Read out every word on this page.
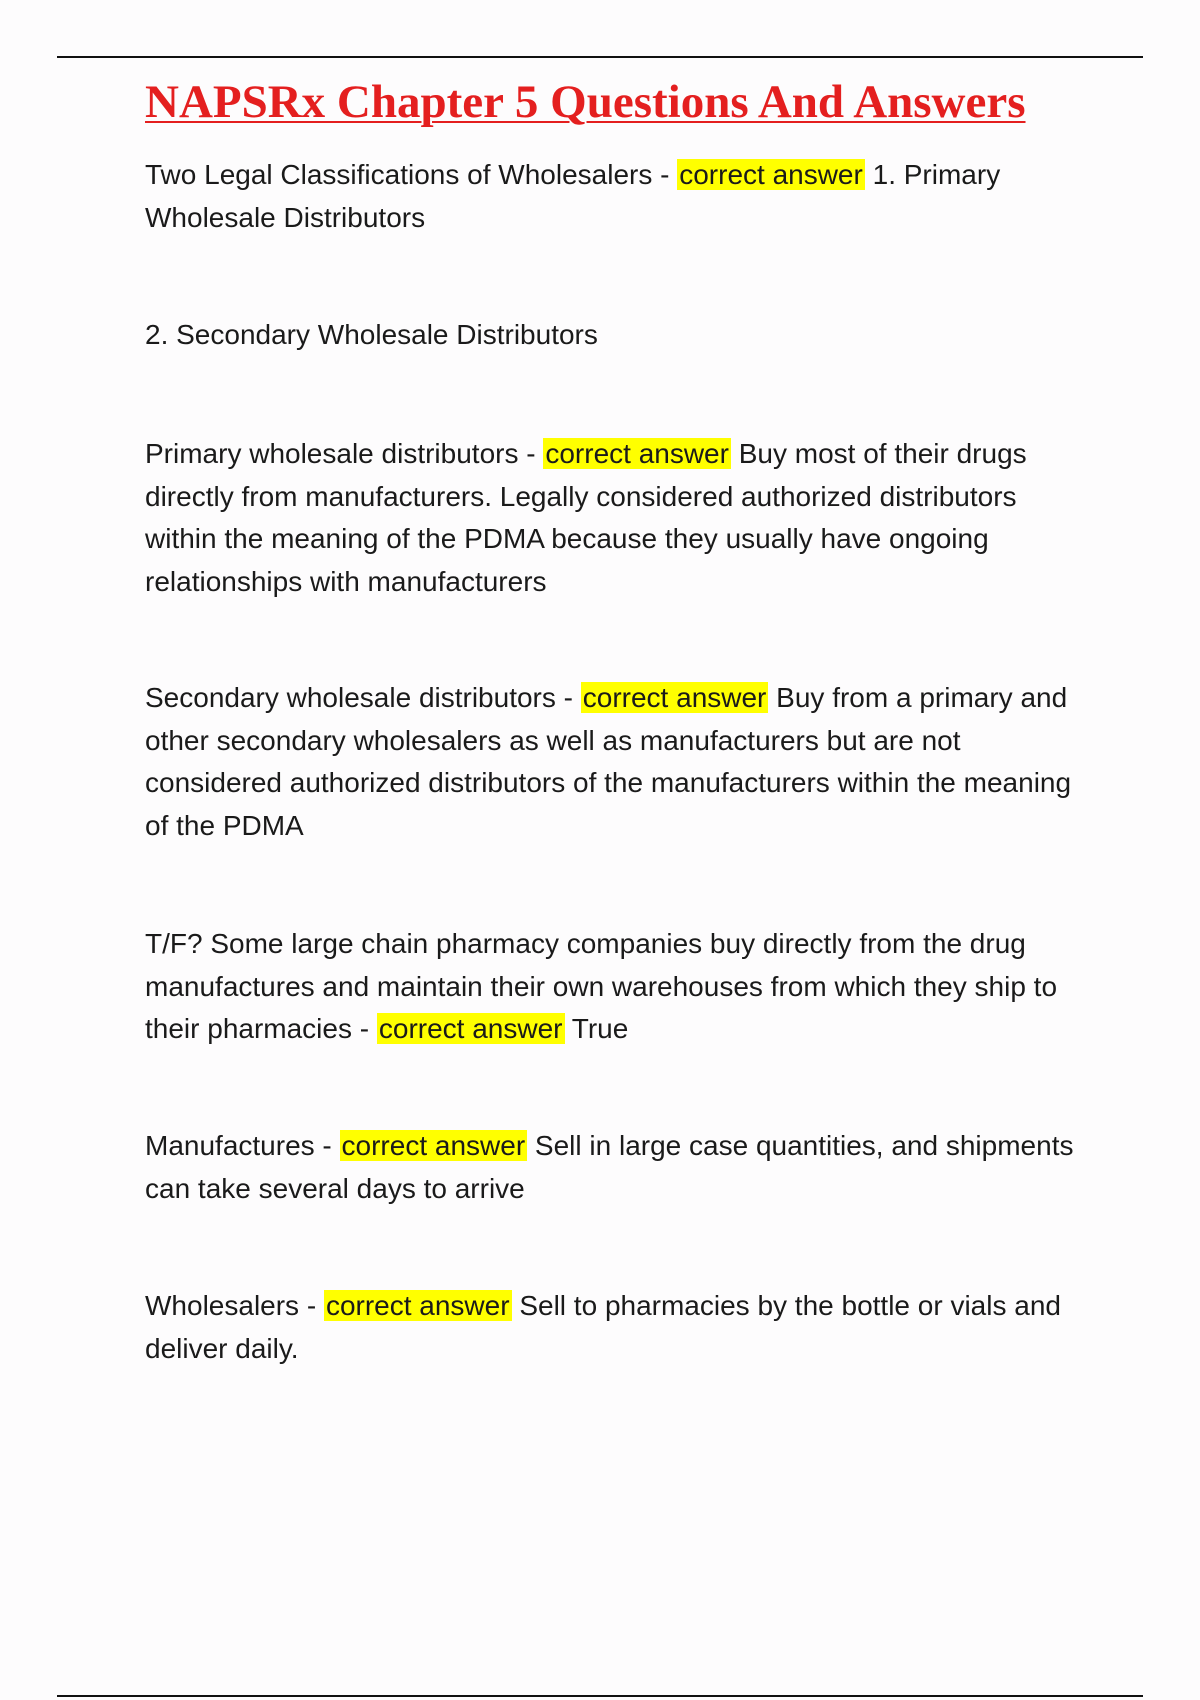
NAPSRx Chapter 5 Questions And Answers

Two Legal Classifications of Wholesalers - correct answer 1. Primary Wholesale Distributors

2. Secondary Wholesale Distributors

Primary wholesale distributors - correct answer Buy most of their drugs directly from manufacturers. Legally considered authorized distributors within the meaning of the PDMA because they usually have ongoing relationships with manufacturers

Secondary wholesale distributors - correct answer Buy from a primary and other secondary wholesalers as well as manufacturers but are not considered authorized distributors of the manufacturers within the meaning of the PDMA

T/F? Some large chain pharmacy companies buy directly from the drug manufactures and maintain their own warehouses from which they ship to their pharmacies - correct answer True

Manufactures - correct answer Sell in large case quantities, and shipments can take several days to arrive

Wholesalers - correct answer Sell to pharmacies by the bottle or vials and deliver daily.
